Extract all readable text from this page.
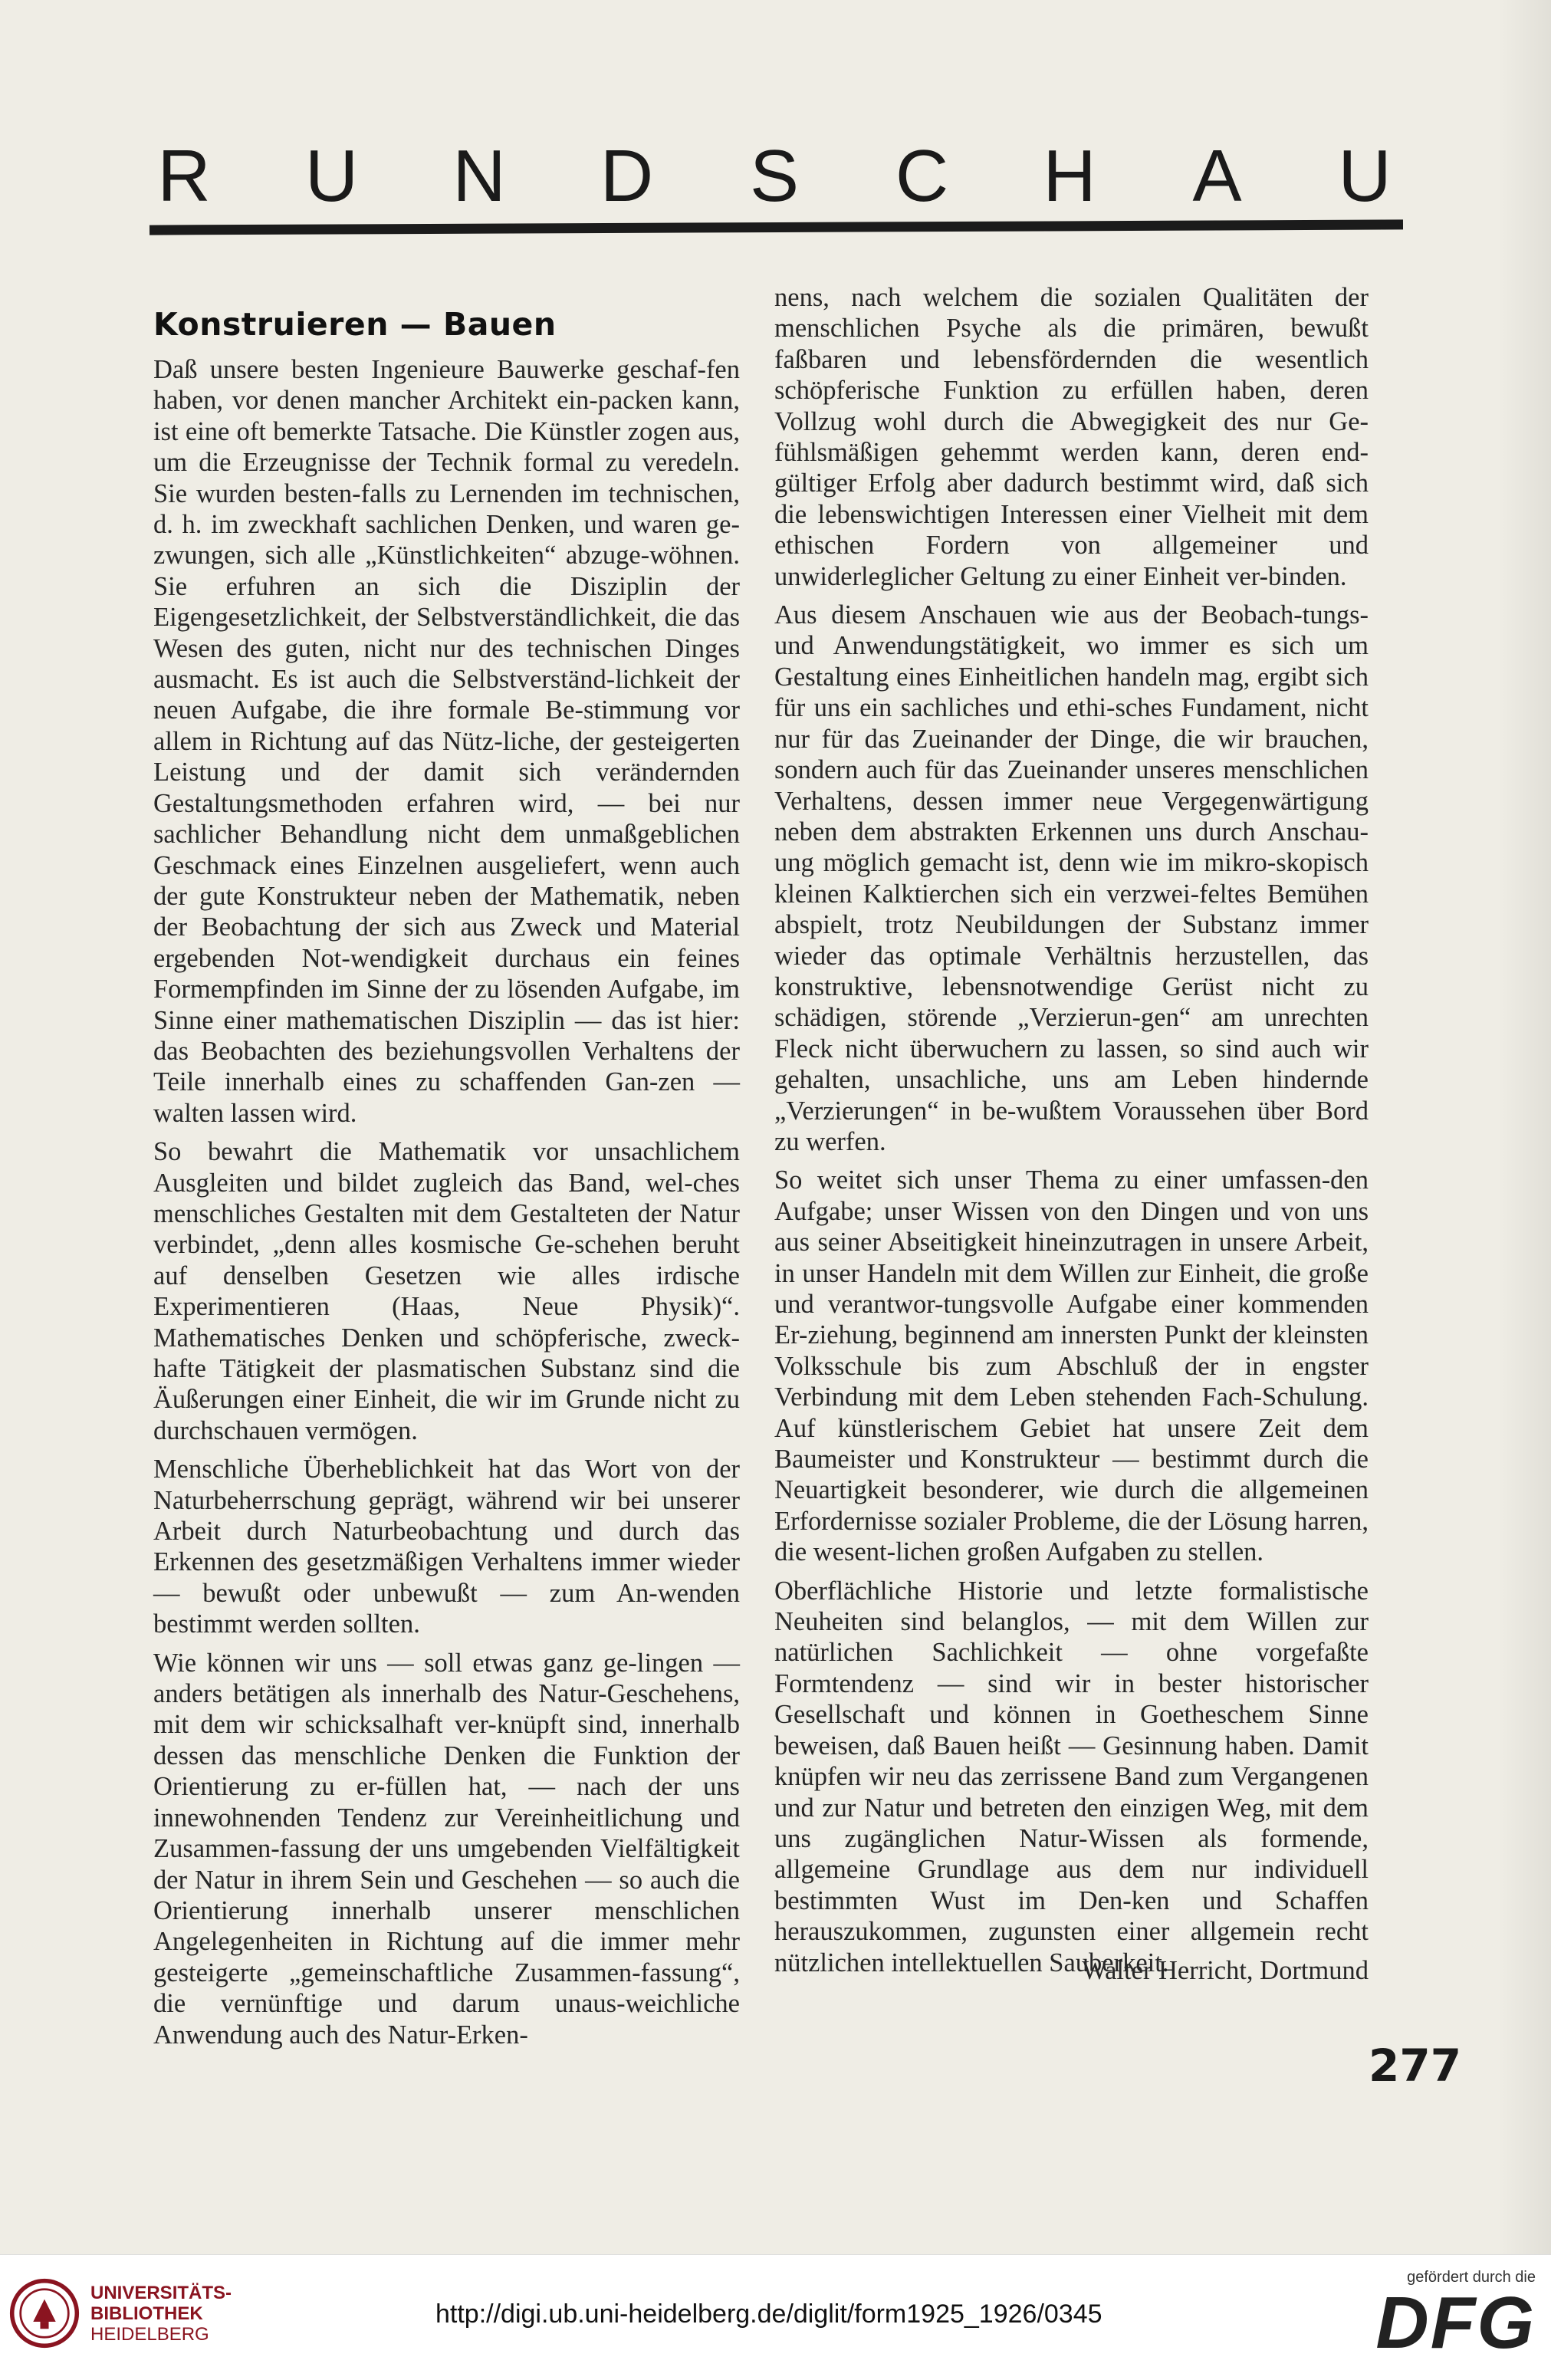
R U N D S C H A U
Konstruieren — Bauen

Daß unsere besten Ingenieure Bauwerke geschaf-fen haben, vor denen mancher Architekt ein-packen kann, ist eine oft bemerkte Tatsache. Die Künstler zogen aus, um die Erzeugnisse der Technik formal zu veredeln. Sie wurden besten-falls zu Lernenden im technischen, d. h. im zweckhaft sachlichen Denken, und waren ge-zwungen, sich alle „Künstlichkeiten“ abzuge-wöhnen. Sie erfuhren an sich die Disziplin der Eigengesetzlichkeit, der Selbstverständlichkeit, die das Wesen des guten, nicht nur des technischen Dinges ausmacht. Es ist auch die Selbstverständ-lichkeit der neuen Aufgabe, die ihre formale Be-stimmung vor allem in Richtung auf das Nütz-liche, der gesteigerten Leistung und der damit sich verändernden Gestaltungsmethoden erfahren wird, — bei nur sachlicher Behandlung nicht dem unmaßgeblichen Geschmack eines Einzelnen ausgeliefert, wenn auch der gute Konstrukteur neben der Mathematik, neben der Beobachtung der sich aus Zweck und Material ergebenden Not-wendigkeit durchaus ein feines Formempfinden im Sinne der zu lösenden Aufgabe, im Sinne einer mathematischen Disziplin — das ist hier: das Beobachten des beziehungsvollen Verhaltens der Teile innerhalb eines zu schaffenden Gan-zen — walten lassen wird.

So bewahrt die Mathematik vor unsachlichem Ausgleiten und bildet zugleich das Band, wel-ches menschliches Gestalten mit dem Gestalteten der Natur verbindet, „denn alles kosmische Ge-schehen beruht auf denselben Gesetzen wie alles irdische Experimentieren (Haas, Neue Physik)“. Mathematisches Denken und schöpferische, zweck-hafte Tätigkeit der plasmatischen Substanz sind die Äußerungen einer Einheit, die wir im Grunde nicht zu durchschauen vermögen.

Menschliche Überheblichkeit hat das Wort von der Naturbeherrschung geprägt, während wir bei unserer Arbeit durch Naturbeobachtung und durch das Erkennen des gesetzmäßigen Verhaltens immer wieder — bewußt oder unbewußt — zum An-wenden bestimmt werden sollten.

Wie können wir uns — soll etwas ganz ge-lingen — anders betätigen als innerhalb des Natur-Geschehens, mit dem wir schicksalhaft ver-knüpft sind, innerhalb dessen das menschliche Denken die Funktion der Orientierung zu er-füllen hat, — nach der uns innewohnenden Tendenz zur Vereinheitlichung und Zusammen-fassung der uns umgebenden Vielfältigkeit der Natur in ihrem Sein und Geschehen — so auch die Orientierung innerhalb unserer menschlichen Angelegenheiten in Richtung auf die immer mehr gesteigerte „gemeinschaftliche Zusammen-fassung“, die vernünftige und darum unaus-weichliche Anwendung auch des Natur-Erken-

nens, nach welchem die sozialen Qualitäten der menschlichen Psyche als die primären, bewußt faßbaren und lebensfördernden die wesentlich schöpferische Funktion zu erfüllen haben, deren Vollzug wohl durch die Abwegigkeit des nur Ge-fühlsmäßigen gehemmt werden kann, deren end-gültiger Erfolg aber dadurch bestimmt wird, daß sich die lebenswichtigen Interessen einer Vielheit mit dem ethischen Fordern von allgemeiner und unwiderleglicher Geltung zu einer Einheit ver-binden.

Aus diesem Anschauen wie aus der Beobach-tungs- und Anwendungstätigkeit, wo immer es sich um Gestaltung eines Einheitlichen handeln mag, ergibt sich für uns ein sachliches und ethi-sches Fundament, nicht nur für das Zueinander der Dinge, die wir brauchen, sondern auch für das Zueinander unseres menschlichen Verhaltens, dessen immer neue Vergegenwärtigung neben dem abstrakten Erkennen uns durch Anschau-ung möglich gemacht ist, denn wie im mikro-skopisch kleinen Kalktierchen sich ein verzwei-feltes Bemühen abspielt, trotz Neubildungen der Substanz immer wieder das optimale Verhältnis herzustellen, das konstruktive, lebensnotwendige Gerüst nicht zu schädigen, störende „Verzierun-gen“ am unrechten Fleck nicht überwuchern zu lassen, so sind auch wir gehalten, unsachliche, uns am Leben hindernde „Verzierungen“ in be-wußtem Voraussehen über Bord zu werfen.

So weitet sich unser Thema zu einer umfassen-den Aufgabe; unser Wissen von den Dingen und von uns aus seiner Abseitigkeit hineinzutragen in unsere Arbeit, in unser Handeln mit dem Willen zur Einheit, die große und verantwor-tungsvolle Aufgabe einer kommenden Er-ziehung, beginnend am innersten Punkt der kleinsten Volksschule bis zum Abschluß der in engster Verbindung mit dem Leben stehenden Fach-Schulung. Auf künstlerischem Gebiet hat unsere Zeit dem Baumeister und Konstrukteur — bestimmt durch die Neuartigkeit besonderer, wie durch die allgemeinen Erfordernisse sozialer Probleme, die der Lösung harren, die wesent-lichen großen Aufgaben zu stellen.

Oberflächliche Historie und letzte formalistische Neuheiten sind belanglos, — mit dem Willen zur natürlichen Sachlichkeit — ohne vorgefaßte Formtendenz — sind wir in bester historischer Gesellschaft und können in Goetheschem Sinne beweisen, daß Bauen heißt — Gesinnung haben. Damit knüpfen wir neu das zerrissene Band zum Vergangenen und zur Natur und betreten den einzigen Weg, mit dem uns zugänglichen Natur-Wissen als formende, allgemeine Grundlage aus dem nur individuell bestimmten Wust im Den-ken und Schaffen herauszukommen, zugunsten einer allgemein recht nützlichen intellektuellen Sauberkeit.

Walter Herricht, Dortmund
277
UNIVERSITÄTS-
BIBLIOTHEK
HEIDELBERG
http://digi.ub.uni-heidelberg.de/diglit/form1925_1926/0345
gefördert durch die
DFG
